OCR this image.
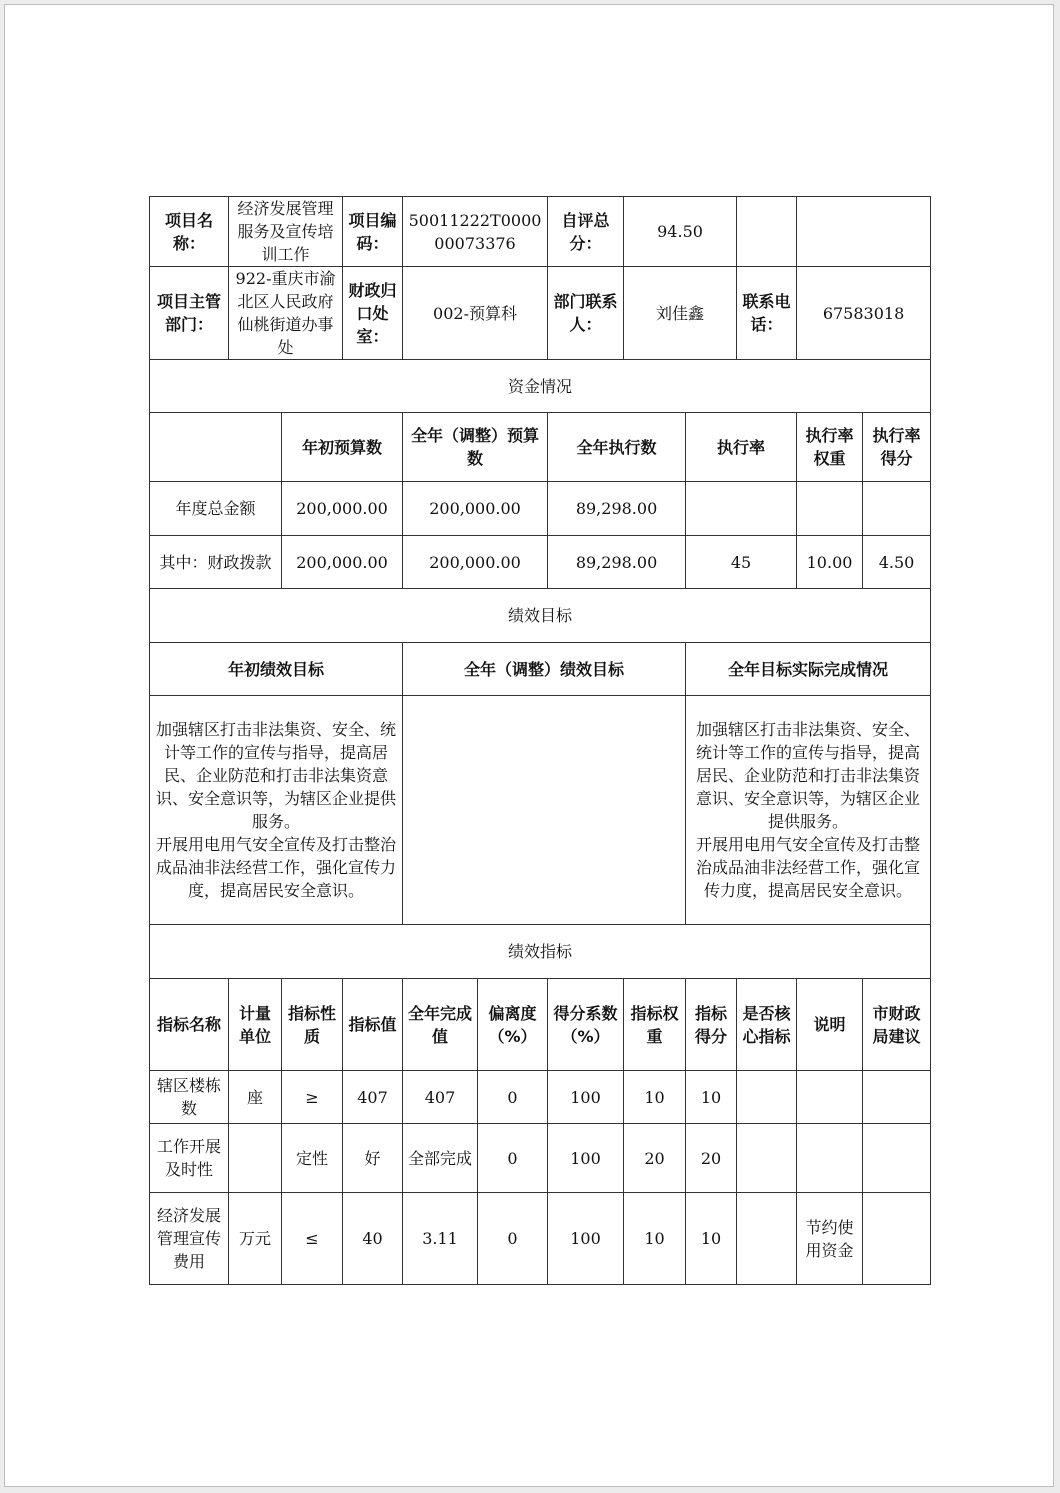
项目名称：	经济发展管理服务及宣传培训工作		项目编码：	50011222T000000073376		自评总分：	94.50				
项目主管部门：	922-重庆市渝北区人民政府仙桃街道办事处		财政归口处室：	002-预算科		部门联系人：	刘佳鑫		联系电话：	67583018	
资金情况											
		年初预算数		全年（调整）预算数		全年执行数		执行率		执行率权重	执行率得分
年度总金额		200,000.00		200,000.00		89,298.00					
其中：财政拨款		200,000.00		200,000.00		89,298.00		45		10.00	4.50
绩效目标											
年初绩效目标				全年（调整）绩效目标				全年目标实际完成情况			
加强辖区打击非法集资、安全、统计等工作的宣传与指导，提高居民、企业防范和打击非法集资意识、安全意识等，为辖区企业提供服务。
开展用电用气安全宣传及打击整治成品油非法经营工作，强化宣传力度，提高居民安全意识。								加强辖区打击非法集资、安全、统计等工作的宣传与指导，提高居民、企业防范和打击非法集资意识、安全意识等，为辖区企业提供服务。
开展用电用气安全宣传及打击整治成品油非法经营工作，强化宣传力度，提高居民安全意识。			
绩效指标											
指标名称	计量单位	指标性质	指标值	全年完成值	偏离度（%）	得分系数（%）	指标权重	指标得分	是否核心指标	说明	市财政局建议
辖区楼栋数	座	≥	407	407	0	100	10	10			
工作开展及时性		定性	好	全部完成	0	100	20	20			
经济发展管理宣传费用	万元	≤	40	3.11	0	100	10	10		节约使用资金	
